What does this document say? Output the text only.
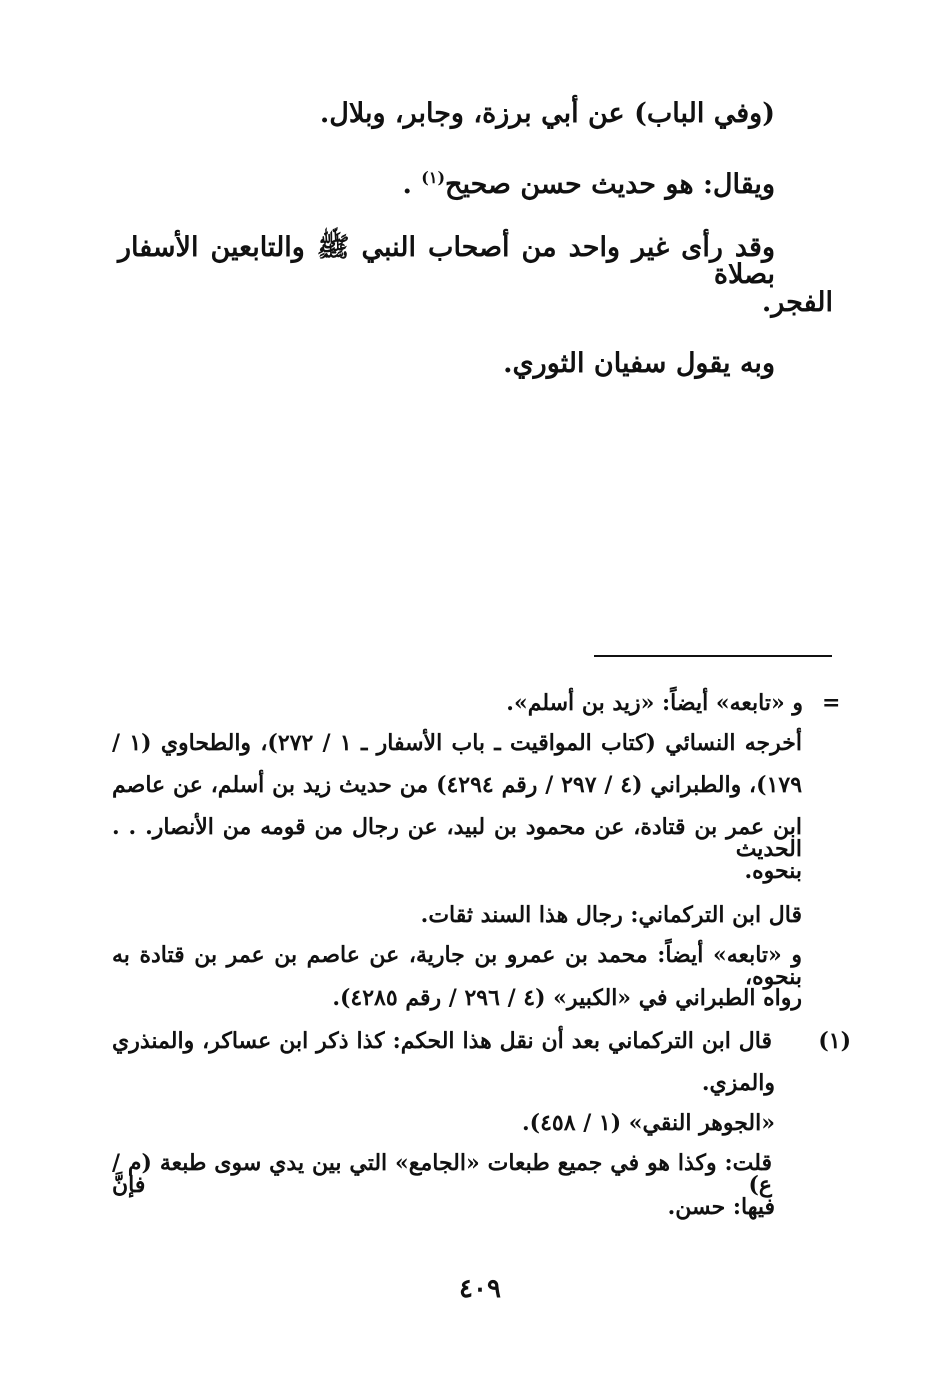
(وفي الباب) عن أبي برزة، وجابر، وبلال.
ويقال: هو حديث حسن صحيح$^{(١)}$ .
وقد رأى غير واحد من أصحاب النبي ﷺ والتابعين الأسفار بصلاة
الفجر.
وبه يقول سفيان الثوري.
=
و «تابعه» أيضاً: «زيد بن أسلم».
أخرجه النسائي (كتاب المواقيت ـ باب الأسفار ـ ١ / ٢٧٢)، والطحاوي (١ /
١٧٩)، والطبراني (٤ / ٢٩٧ / رقم ٤٢٩٤) من حديث زيد بن أسلم، عن عاصم
ابن عمر بن قتادة، عن محمود بن لبيد، عن رجال من قومه من الأنصار. . . الحديث
بنحوه.
قال ابن التركماني: رجال هذا السند ثقات.
و «تابعه» أيضاً: محمد بن عمرو بن جارية، عن عاصم بن عمر بن قتادة به بنحوه،
رواه الطبراني في «الكبير» (٤ / ٢٩٦ / رقم ٤٢٨٥).
(١)
قال ابن التركماني بعد أن نقل هذا الحكم: كذا ذكر ابن عساكر، والمنذري
والمزي.
«الجوهر النقي» (١ / ٤٥٨).
قلت: وكذا هو في جميع طبعات «الجامع» التي بين يدي سوى طبعة (م / ع) فإنَّ
فيها: حسن.
٤٠٩
